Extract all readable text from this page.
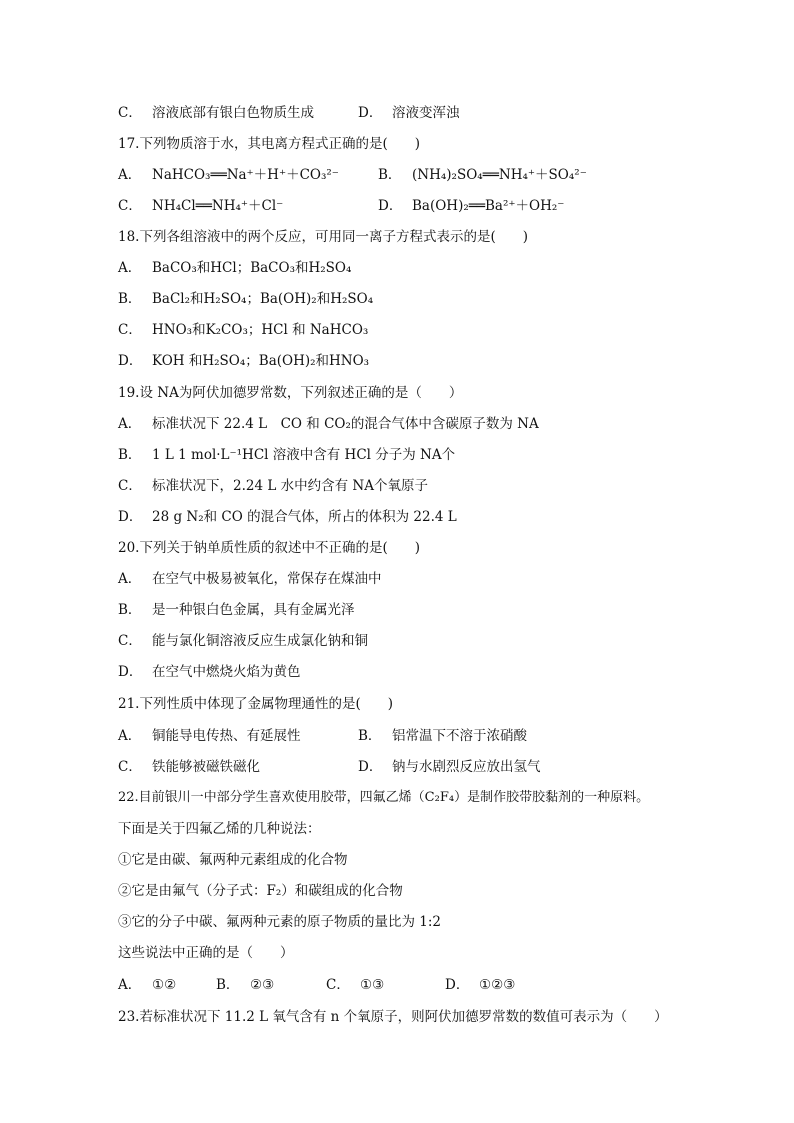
C． 溶液底部有银白色物质生成	D． 溶液变浑浊
17.下列物质溶于水，其电离方程式正确的是(　　)
A． NaHCO₃══Na⁺＋H⁺＋CO₃²⁻	B． (NH₄)₂SO₄══NH₄⁺＋SO₄²⁻
C． NH₄Cl══NH₄⁺＋Cl⁻	D． Ba(OH)₂══Ba²⁺＋OH₂⁻
18.下列各组溶液中的两个反应，可用同一离子方程式表示的是(　　)
A． BaCO₃和HCl；BaCO₃和H₂SO₄
B． BaCl₂和H₂SO₄；Ba(OH)₂和H₂SO₄
C． HNO₃和K₂CO₃；HCl 和 NaHCO₃
D． KOH 和H₂SO₄；Ba(OH)₂和HNO₃
19.设 NA为阿伏加德罗常数，下列叙述正确的是（　　）
A． 标准状况下 22.4 L　CO 和 CO₂的混合气体中含碳原子数为 NA
B． 1 L 1 mol·L⁻¹HCl 溶液中含有 HCl 分子为 NA个
C． 标准状况下，2.24 L 水中约含有 NA个氧原子
D． 28 g N₂和 CO 的混合气体，所占的体积为 22.4 L
20.下列关于钠单质性质的叙述中不正确的是(　　)
A． 在空气中极易被氧化，常保存在煤油中
B． 是一种银白色金属，具有金属光泽
C． 能与氯化铜溶液反应生成氯化钠和铜
D． 在空气中燃烧火焰为黄色
21.下列性质中体现了金属物理通性的是(　　)
A． 铜能导电传热、有延展性	B． 铝常温下不溶于浓硝酸
C． 铁能够被磁铁磁化	D． 钠与水剧烈反应放出氢气
22.目前银川一中部分学生喜欢使用胶带，四氟乙烯（C₂F₄）是制作胶带胶黏剂的一种原料。
下面是关于四氟乙烯的几种说法：
①它是由碳、氟两种元素组成的化合物
②它是由氟气（分子式：F₂）和碳组成的化合物
③它的分子中碳、氟两种元素的原子物质的量比为 1:2
这些说法中正确的是（　　）
A． ①②	B． ②③	C． ①③	D． ①②③
23.若标准状况下 11.2 L 氧气含有 n 个氧原子，则阿伏加德罗常数的数值可表示为（　　）
